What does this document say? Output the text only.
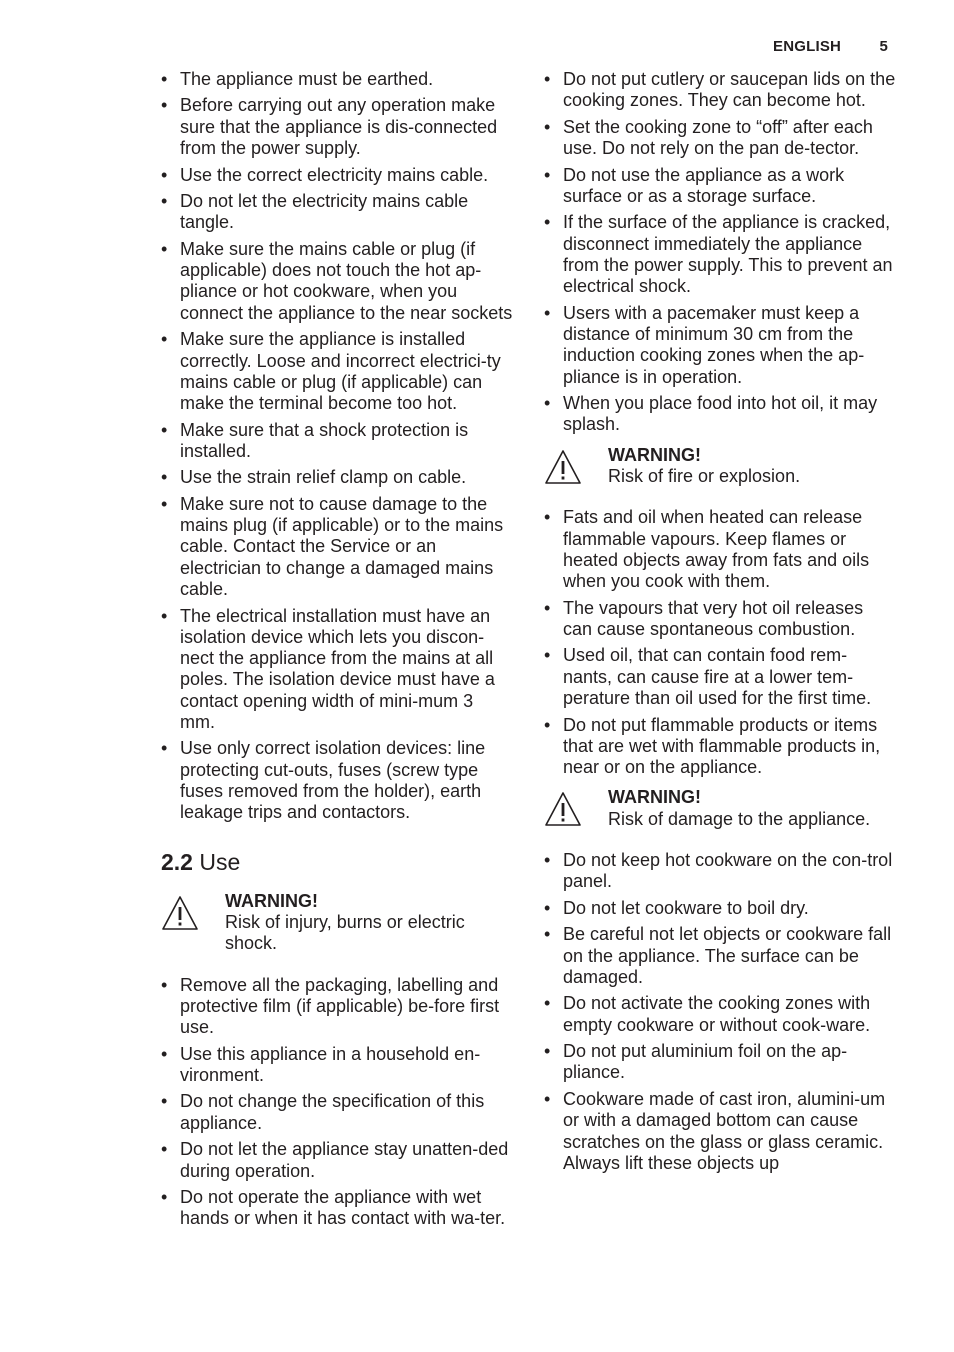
ENGLISH	5
• The appliance must be earthed.
• Before carrying out any operation make sure that the appliance is dis-connected from the power supply.
• Use the correct electricity mains cable.
• Do not let the electricity mains cable tangle.
• Make sure the mains cable or plug (if applicable) does not touch the hot ap-pliance or hot cookware, when you connect the appliance to the near sockets
• Make sure the appliance is installed correctly. Loose and incorrect electrici-ty mains cable or plug (if applicable) can make the terminal become too hot.
• Make sure that a shock protection is installed.
• Use the strain relief clamp on cable.
• Make sure not to cause damage to the mains plug (if applicable) or to the mains cable. Contact the Service or an electrician to change a damaged mains cable.
• The electrical installation must have an isolation device which lets you discon-nect the appliance from the mains at all poles. The isolation device must have a contact opening width of mini-mum 3 mm.
• Use only correct isolation devices: line protecting cut-outs, fuses (screw type fuses removed from the holder), earth leakage trips and contactors.
2.2 Use
WARNING!
Risk of injury, burns or electric shock.
• Remove all the packaging, labelling and protective film (if applicable) be-fore first use.
• Use this appliance in a household en-vironment.
• Do not change the specification of this appliance.
• Do not let the appliance stay unatten-ded during operation.
• Do not operate the appliance with wet hands or when it has contact with wa-ter.
• Do not put cutlery or saucepan lids on the cooking zones. They can become hot.
• Set the cooking zone to “off” after each use. Do not rely on the pan de-tector.
• Do not use the appliance as a work surface or as a storage surface.
• If the surface of the appliance is cracked, disconnect immediately the appliance from the power supply. This to prevent an electrical shock.
• Users with a pacemaker must keep a distance of minimum 30 cm from the induction cooking zones when the ap-pliance is in operation.
• When you place food into hot oil, it may splash.
WARNING!
Risk of fire or explosion.
• Fats and oil when heated can release flammable vapours. Keep flames or heated objects away from fats and oils when you cook with them.
• The vapours that very hot oil releases can cause spontaneous combustion.
• Used oil, that can contain food rem-nants, can cause fire at a lower tem-perature than oil used for the first time.
• Do not put flammable products or items that are wet with flammable products in, near or on the appliance.
WARNING!
Risk of damage to the appliance.
• Do not keep hot cookware on the con-trol panel.
• Do not let cookware to boil dry.
• Be careful not let objects or cookware fall on the appliance. The surface can be damaged.
• Do not activate the cooking zones with empty cookware or without cook-ware.
• Do not put aluminium foil on the ap-pliance.
• Cookware made of cast iron, alumini-um or with a damaged bottom can cause scratches on the glass or glass ceramic. Always lift these objects up
